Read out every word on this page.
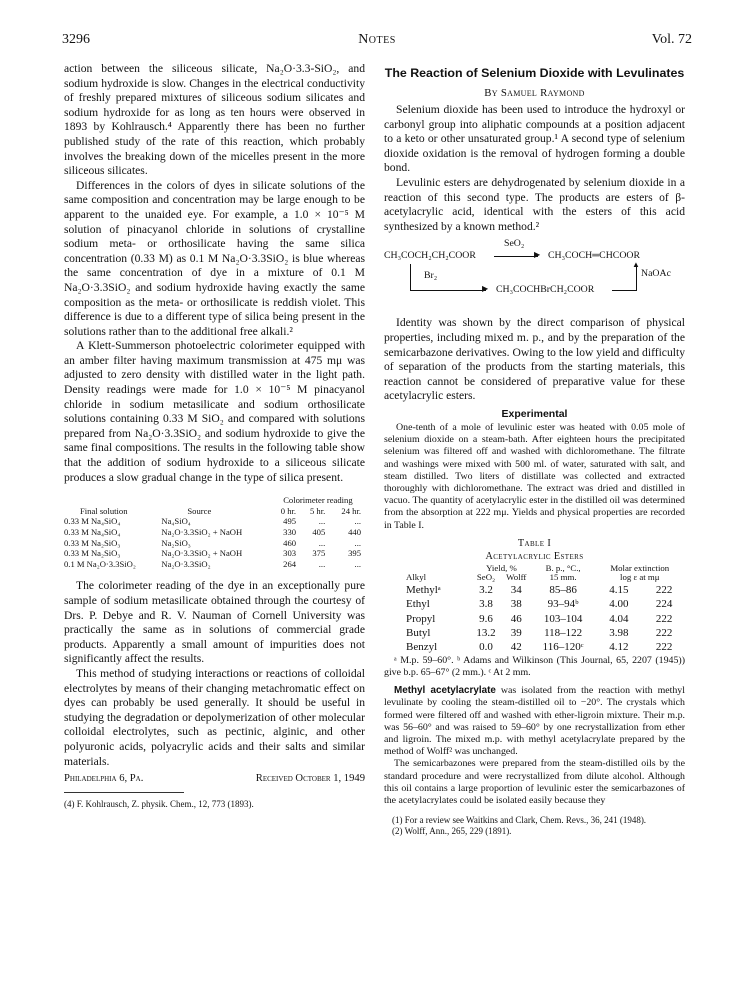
3296	Notes	Vol. 72

action between the siliceous silicate, Na₂O·3.3-SiO₂, and sodium hydroxide is slow. Changes in the electrical conductivity of freshly prepared mixtures of siliceous sodium silicates and sodium hydroxide for as long as ten hours were observed in 1893 by Kohlrausch.⁴ Apparently there has been no further published study of the rate of this reaction, which probably involves the breaking down of the micelles present in the more siliceous silicates.

Differences in the colors of dyes in silicate solutions of the same composition and concentration may be large enough to be apparent to the unaided eye. For example, a 1.0 × 10⁻⁵ M solution of pinacyanol chloride in solutions of crystalline sodium meta- or orthosilicate having the same silica concentration (0.33 M) as 0.1 M Na₂O·3.3SiO₂ is blue whereas the same concentration of dye in a mixture of 0.1 M Na₂O·3.3SiO₂ and sodium hydroxide having exactly the same composition as the meta- or orthosilicate is reddish violet. This difference is due to a different type of silica being present in the solutions rather than to the additional free alkali.²

A Klett-Summerson photoelectric colorimeter equipped with an amber filter having maximum transmission at 475 mμ was adjusted to zero density with distilled water in the light path. Density readings were made for 1.0 × 10⁻⁵ M pinacyanol chloride in sodium metasilicate and sodium orthosilicate solutions containing 0.33 M SiO₂ and compared with solutions prepared from Na₂O·3.3SiO₂ and sodium hydroxide to give the same final compositions. The results in the following table show that the addition of sodium hydroxide to a siliceous silicate produces a slow gradual change in the type of silica present.

		Colorimeter reading		
Final solution	Source	0 hr.	5 hr.	24 hr.
0.33 M Na₄SiO₄	Na₄SiO₄	495	...	...
0.33 M Na₄SiO₄	Na₂O·3.3SiO₂ + NaOH	330	405	440
0.33 M Na₂SiO₃	Na₂SiO₃	460	...	...
0.33 M Na₂SiO₃	Na₂O·3.3SiO₂ + NaOH	303	375	395
0.1 M Na₂O·3.3SiO₂	Na₂O·3.3SiO₂	264	...	...

The colorimeter reading of the dye in an exceptionally pure sample of sodium metasilicate obtained through the courtesy of Drs. P. Debye and R. V. Nauman of Cornell University was practically the same as in solutions of commercial grade products. Apparently a small amount of impurities does not significantly affect the results.

This method of studying interactions or reactions of colloidal electrolytes by means of their changing metachromatic effect on dyes can probably be used generally. It should be useful in studying the degradation or depolymerization of other molecular colloidal electrolytes, such as pectinic, alginic, and other polyuronic acids, polyacrylic acids and their salts and similar materials.

Philadelphia 6, Pa.	Received October 1, 1949
(4) F. Kohlrausch, Z. physik. Chem., 12, 773 (1893).
The Reaction of Selenium Dioxide with Levulinates
By Samuel Raymond

Selenium dioxide has been used to introduce the hydroxyl or carbonyl group into aliphatic compounds at a position adjacent to a keto or other unsaturated group.¹ A second type of selenium dioxide oxidation is the removal of hydrogen forming a double bond.

Levulinic esters are dehydrogenated by selenium dioxide in a reaction of this second type. The products are esters of β-acetylacrylic acid, identical with the esters of this acid synthesized by a known method.²

SeO₂
CH₃COCH₂CH₂COOR	▶ CH₃COCH═CHCOOR
Br₂
▶ CH₃COCHBrCH₂COOR
▲
NaOAc

Identity was shown by the direct comparison of physical properties, including mixed m. p., and by the preparation of the semicarbazone derivatives. Owing to the low yield and difficulty of separation of the products from the starting materials, this reaction cannot be considered of preparative value for these acetylacrylic esters.

Experimental

One-tenth of a mole of levulinic ester was heated with 0.05 mole of selenium dioxide on a steam-bath. After eighteen hours the precipitated selenium was filtered off and washed with dichloromethane. The filtrate and washings were mixed with 500 ml. of water, saturated with salt, and steam distilled. Two liters of distillate was collected and extracted thoroughly with dichloromethane. The extract was dried and distilled in vacuo. The quantity of acetylacrylic ester in the distilled oil was determined from the absorption at 222 mμ. Yields and physical properties are recorded in Table I.

Table I
Acetylacrylic Esters
	Yield, %		B. p., °C.,	Molar extinction	
Alkyl	SeO₂	Wolff	15 mm.	log ε at mμ	
Methylᵃ	3.2	34	85–86	4.15	222
Ethyl	3.8	38	93–94ᵇ	4.00	224
Propyl	9.6	46	103–104	4.04	222
Butyl	13.2	39	118–122	3.98	222
Benzyl	0.0	42	116–120ᶜ	4.12	222

ᵃ M.p. 59–60°. ᵇ Adams and Wilkinson (This Journal, 65, 2207 (1945)) give b.p. 65–67° (2 mm.). ᶜ At 2 mm.

Methyl acetylacrylate was isolated from the reaction with methyl levulinate by cooling the steam-distilled oil to −20°. The crystals which formed were filtered off and washed with ether-ligroin mixture. Their m.p. was 56–60° and was raised to 59–60° by one recrystallization from ether and ligroin. The mixed m.p. with methyl acetylacrylate prepared by the method of Wolff² was unchanged.

The semicarbazones were prepared from the steam-distilled oils by the standard procedure and were recrystallized from dilute alcohol. Although this oil contains a large proportion of levulinic ester the semicarbazones of the acetylacrylates could be isolated easily because they

(1) For a review see Waitkins and Clark, Chem. Revs., 36, 241 (1948).
(2) Wolff, Ann., 265, 229 (1891).
